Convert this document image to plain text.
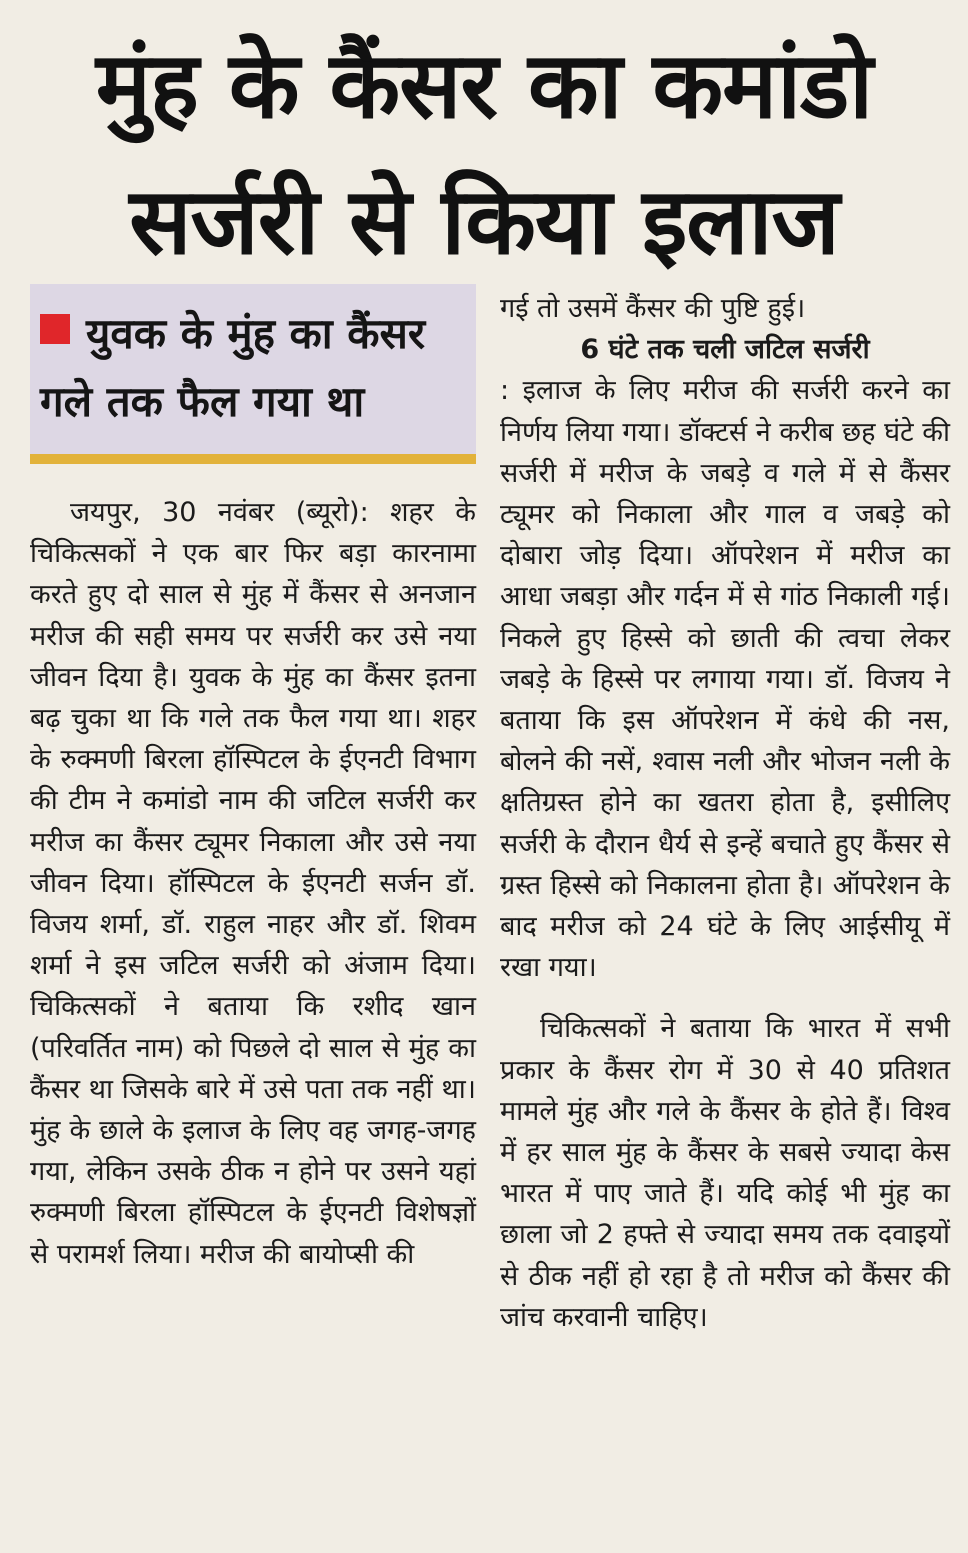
मुंह के कैंसर का कमांडो
सर्जरी से किया इलाज
युवक के मुंह का कैंसर गले तक फैल गया था

जयपुर, 30 नवंबर (ब्यूरो): शहर के चिकित्सकों ने एक बार फिर बड़ा कारनामा करते हुए दो साल से मुंह में कैंसर से अनजान मरीज की सही समय पर सर्जरी कर उसे नया जीवन दिया है। युवक के मुंह का कैंसर इतना बढ़ चुका था कि गले तक फैल गया था। शहर के रुक्मणी बिरला हॉस्पिटल के ईएनटी विभाग की टीम ने कमांडो नाम की जटिल सर्जरी कर मरीज का कैंसर ट्यूमर निकाला और उसे नया जीवन दिया। हॉस्पिटल के ईएनटी सर्जन डॉ. विजय शर्मा, डॉ. राहुल नाहर और डॉ. शिवम शर्मा ने इस जटिल सर्जरी को अंजाम दिया। चिकित्सकों ने बताया कि रशीद खान (परिवर्तित नाम) को पिछले दो साल से मुंह का कैंसर था जिसके बारे में उसे पता तक नहीं था। मुंह के छाले के इलाज के लिए वह जगह-जगह गया, लेकिन उसके ठीक न होने पर उसने यहां रुक्मणी बिरला हॉस्पिटल के ईएनटी विशेषज्ञों से परामर्श लिया। मरीज की बायोप्सी की

गई तो उसमें कैंसर की पुष्टि हुई।

6 घंटे तक चली जटिल सर्जरी

: इलाज के लिए मरीज की सर्जरी करने का निर्णय लिया गया। डॉक्टर्स ने करीब छह घंटे की सर्जरी में मरीज के जबड़े व गले में से कैंसर ट्यूमर को निकाला और गाल व जबड़े को दोबारा जोड़ दिया। ऑपरेशन में मरीज का आधा जबड़ा और गर्दन में से गांठ निकाली गई। निकले हुए हिस्से को छाती की त्वचा लेकर जबड़े के हिस्से पर लगाया गया। डॉ. विजय ने बताया कि इस ऑपरेशन में कंधे की नस, बोलने की नसें, श्वास नली और भोजन नली के क्षतिग्रस्त होने का खतरा होता है, इसीलिए सर्जरी के दौरान धैर्य से इन्हें बचाते हुए कैंसर से ग्रस्त हिस्से को निकालना होता है। ऑपरेशन के बाद मरीज को 24 घंटे के लिए आईसीयू में रखा गया।

चिकित्सकों ने बताया कि भारत में सभी प्रकार के कैंसर रोग में 30 से 40 प्रतिशत मामले मुंह और गले के कैंसर के होते हैं। विश्व में हर साल मुंह के कैंसर के सबसे ज्यादा केस भारत में पाए जाते हैं। यदि कोई भी मुंह का छाला जो 2 हफ्ते से ज्यादा समय तक दवाइयों से ठीक नहीं हो रहा है तो मरीज को कैंसर की जांच करवानी चाहिए।
